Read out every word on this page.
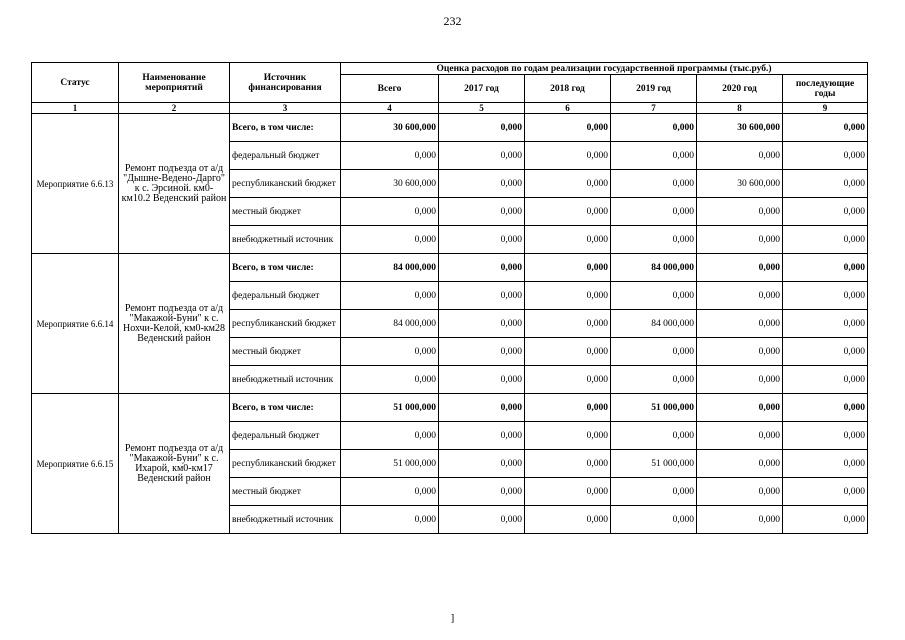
232
Статус	Наименование мероприятий	Источник финансирования	Оценка расходов по годам реализации государственной программы (тыс.руб.)					
			Всего	2017 год	2018 год	2019 год	2020 год	последующие годы
1	2	3	4	5	6	7	8	9
Мероприятие 6.6.13	Ремонт подъезда от а/д "Дышне-Ведено-Дарго" к с. Эрсиной. км0-км10.2 Веденский район	Всего, в том числе:	30 600,000	0,000	0,000	0,000	30 600,000	0,000
		федеральный бюджет	0,000	0,000	0,000	0,000	0,000	0,000
		республиканский бюджет	30 600,000	0,000	0,000	0,000	30 600,000	0,000
		местный бюджет	0,000	0,000	0,000	0,000	0,000	0,000
		внебюджетный источник	0,000	0,000	0,000	0,000	0,000	0,000
Мероприятие 6.6.14	Ремонт подъезда от а/д "Макажой-Буни" к с. Нохчи-Келой, км0-км28 Веденский район	Всего, в том числе:	84 000,000	0,000	0,000	84 000,000	0,000	0,000
		федеральный бюджет	0,000	0,000	0,000	0,000	0,000	0,000
		республиканский бюджет	84 000,000	0,000	0,000	84 000,000	0,000	0,000
		местный бюджет	0,000	0,000	0,000	0,000	0,000	0,000
		внебюджетный источник	0,000	0,000	0,000	0,000	0,000	0,000
Мероприятие 6.6.15	Ремонт подъезда от а/д "Макажой-Буни" к с. Ихарой, км0-км17 Веденский район	Всего, в том числе:	51 000,000	0,000	0,000	51 000,000	0,000	0,000
		федеральный бюджет	0,000	0,000	0,000	0,000	0,000	0,000
		республиканский бюджет	51 000,000	0,000	0,000	51 000,000	0,000	0,000
		местный бюджет	0,000	0,000	0,000	0,000	0,000	0,000
		внебюджетный источник	0,000	0,000	0,000	0,000	0,000	0,000
]
